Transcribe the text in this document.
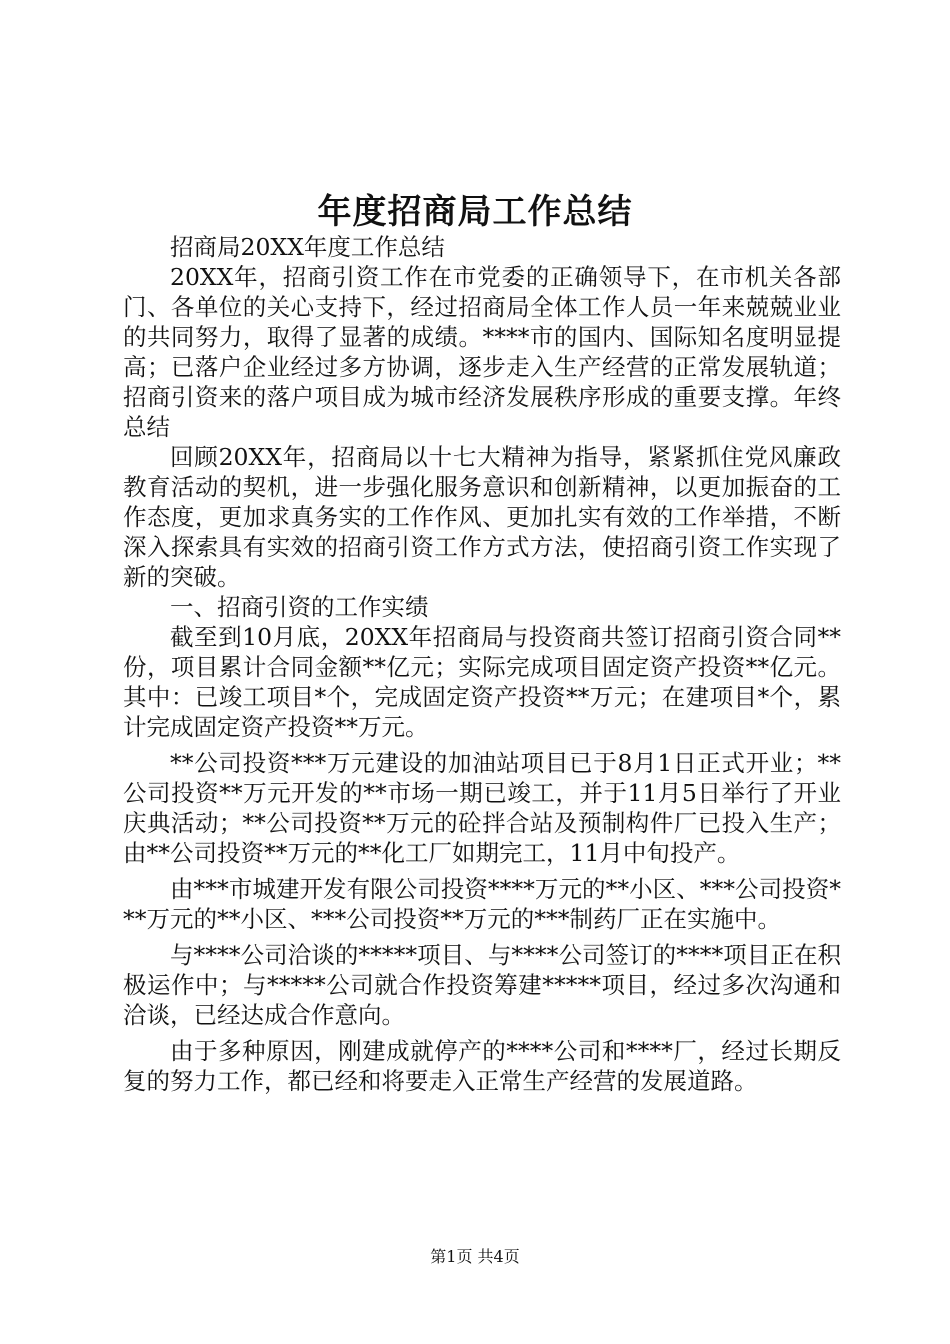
年度招商局工作总结

招商局20XX年度工作总结

20XX年，招商引资工作在市党委的正确领导下，在市机关各部门、各单位的关心支持下，经过招商局全体工作人员一年来兢兢业业的共同努力，取得了显著的成绩。****市的国内、国际知名度明显提高；已落户企业经过多方协调，逐步走入生产经营的正常发展轨道；招商引资来的落户项目成为城市经济发展秩序形成的重要支撑。年终总结

回顾20XX年，招商局以十七大精神为指导，紧紧抓住党风廉政教育活动的契机，进一步强化服务意识和创新精神，以更加振奋的工作态度，更加求真务实的工作作风、更加扎实有效的工作举措，不断深入探索具有实效的招商引资工作方式方法，使招商引资工作实现了新的突破。

一、招商引资的工作实绩

截至到10月底，20XX年招商局与投资商共签订招商引资合同**份，项目累计合同金额**亿元；实际完成项目固定资产投资**亿元。其中：已竣工项目*个，完成固定资产投资**万元；在建项目*个，累计完成固定资产投资**万元。

**公司投资***万元建设的加油站项目已于8月1日正式开业；**公司投资**万元开发的**市场一期已竣工，并于11月5日举行了开业庆典活动；**公司投资**万元的砼拌合站及预制构件厂已投入生产；由**公司投资**万元的**化工厂如期完工，11月中旬投产。

由***市城建开发有限公司投资****万元的**小区、***公司投资***万元的**小区、***公司投资**万元的***制药厂正在实施中。

与****公司洽谈的*****项目、与****公司签订的****项目正在积极运作中；与*****公司就合作投资筹建*****项目，经过多次沟通和洽谈，已经达成合作意向。

由于多种原因，刚建成就停产的****公司和****厂，经过长期反复的努力工作，都已经和将要走入正常生产经营的发展道路。

第1页 共4页
